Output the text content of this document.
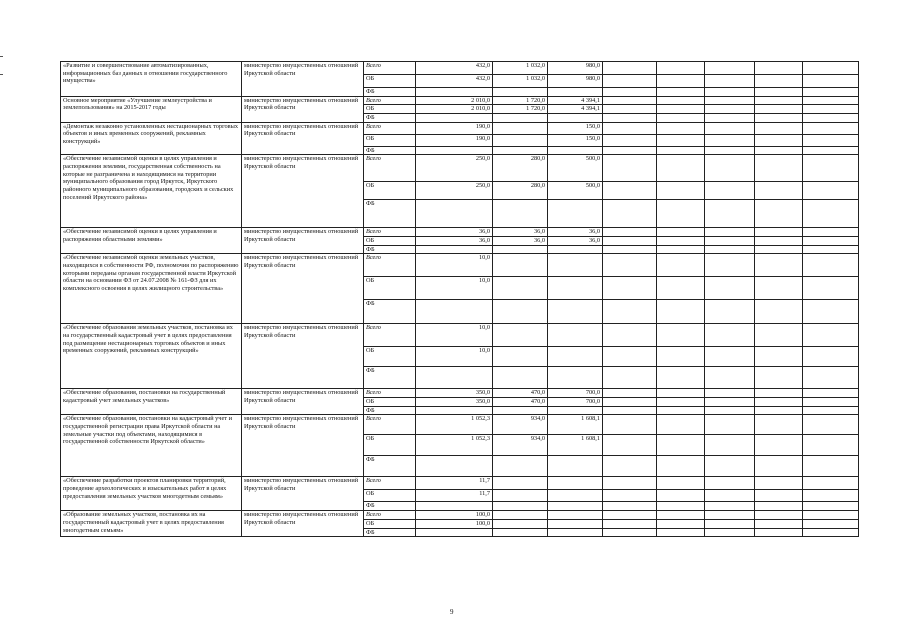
«Развитие и совершенствование автоматизированных, информационных баз данных в отношении государственного имущества»	министерство имущественных отношений Иркутской области	Всего	432,0	1 032,0	980,0					
		ОБ	432,0	1 032,0	980,0					
		ФБ								
Основное мероприятие «Улучшение землеустройства и землепользования» на 2015-2017 годы	министерство имущественных отношений Иркутской области	Всего	2 010,0	1 720,0	4 394,1					
		ОБ	2 010,0	1 720,0	4 394,1					
		ФБ								
«Демонтаж незаконно установленных нестационарных торговых объектов и иных временных сооружений, рекламных конструкций»	министерство имущественных отношений Иркутской области	Всего	190,0		150,0					
		ОБ	190,0		150,0					
		ФБ								
«Обеспечение независимой оценки в целях управления и распоряжения землями, государственная собственность на которые не разграничена и находящимися на территории муниципального образования город Иркутск, Иркутского районного муниципального образования, городских и сельских поселений Иркутского района»	министерство имущественных отношений Иркутской области	Всего	250,0	280,0	500,0					
		ОБ	250,0	280,0	500,0					
		ФБ								
«Обеспечение независимой оценки в целях управления и распоряжения областными землями»	министерство имущественных отношений Иркутской области	Всего	36,0	36,0	36,0					
		ОБ	36,0	36,0	36,0					
		ФБ								
«Обеспечение независимой оценки земельных участков, находящихся в собственности РФ, полномочия по распоряжению которыми переданы органам государственной власти Иркутской области на основании ФЗ от 24.07.2008 № 161-ФЗ для их комплексного освоения в целях жилищного строительства»	министерство имущественных отношений Иркутской области	Всего	10,0							
		ОБ	10,0							
		ФБ								
«Обеспечение образования земельных участков, постановка их на государственный кадастровый учет в целях предоставления под размещение нестационарных торговых объектов и иных временных сооружений, рекламных конструкций»	министерство имущественных отношений Иркутской области	Всего	10,0							
		ОБ	10,0							
		ФБ								
«Обеспечение образования, постановки на государственный кадастровый учет земельных участков»	министерство имущественных отношений Иркутской области	Всего	350,0	470,0	700,0					
		ОБ	350,0	470,0	700,0					
		ФБ								
«Обеспечение образования, постановки на кадастровый учет и государственной регистрации права Иркутской области на земельные участки под объектами, находящимися в государственной собственности Иркутской области»	министерство имущественных отношений Иркутской области	Всего	1 052,3	934,0	1 608,1					
		ОБ	1 052,3	934,0	1 608,1					
		ФБ								
«Обеспечение разработки проектов планировки территорий, проведение археологических и изыскательных работ в целях предоставления земельных участков многодетным семьям»	министерство имущественных отношений Иркутской области	Всего	11,7							
		ОБ	11,7							
		ФБ								
«Образование земельных участков, постановка их на государственный кадастровый учет в целях предоставления многодетным семьям»	министерство имущественных отношений Иркутской области	Всего	100,0							
		ОБ	100,0							
		ФБ								
9
